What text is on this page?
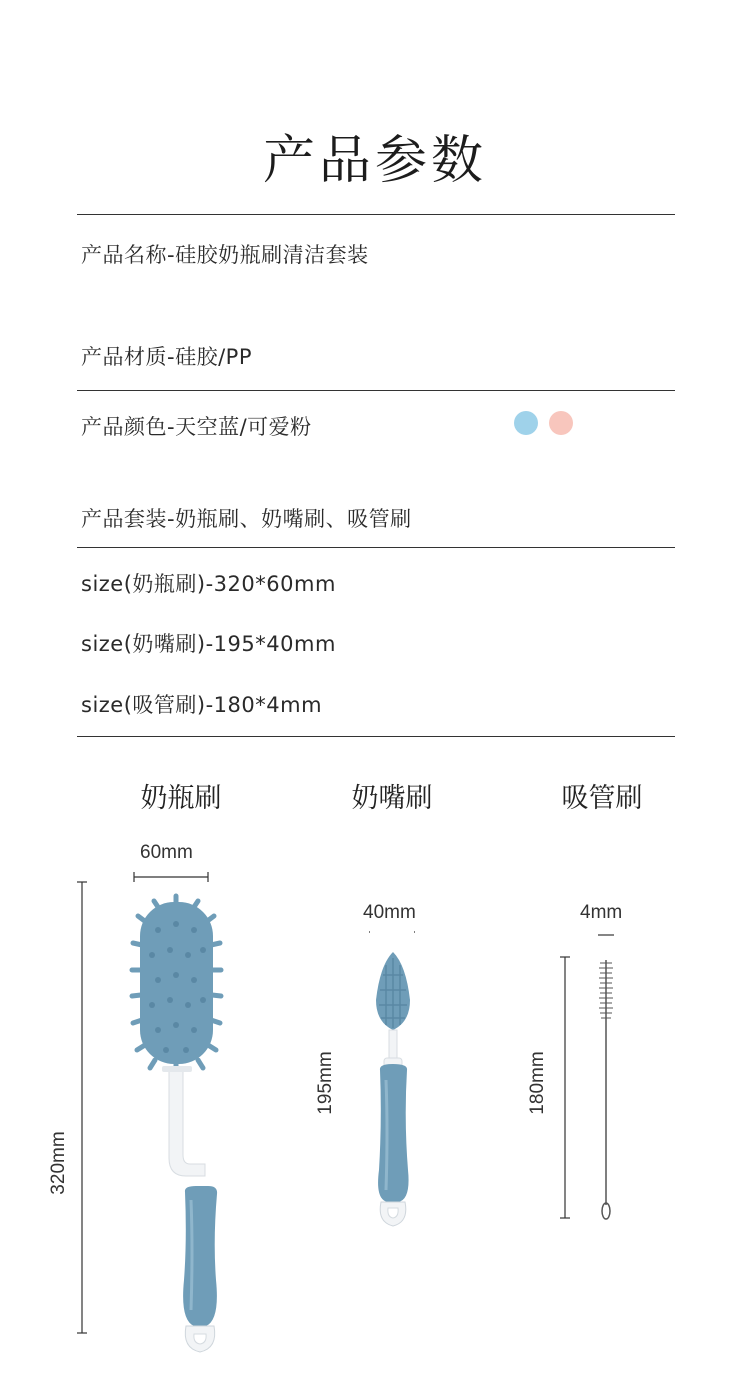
产品参数
产品名称-硅胶奶瓶刷清洁套装
产品材质-硅胶/PP
产品颜色-天空蓝/可爱粉
产品套装-奶瓶刷、奶嘴刷、吸管刷
size(奶瓶刷)-320*60mm
size(奶嘴刷)-195*40mm
size(吸管刷)-180*4mm
奶瓶刷	奶嘴刷	吸管刷
60mm
40mm	4mm
320mm
195mm	180mm
